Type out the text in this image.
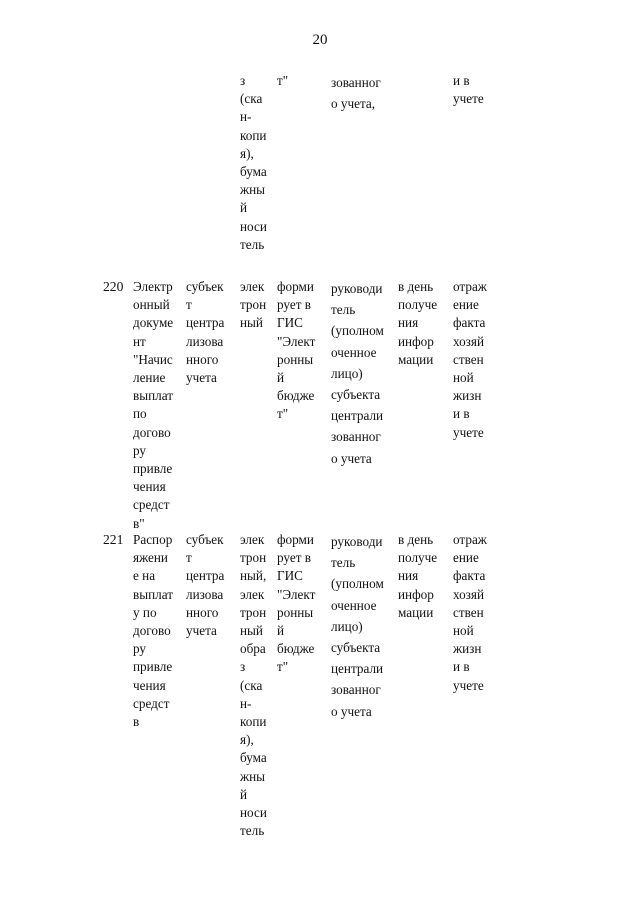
20
з
(ска
н-
копи
я),
бума
жны
й
носи
тель
т"	зованног
о учета,
и в
учете
220 Электр
онный
докуме
нт
"Начис
ление
выплат
по
догово
ру
привле
чения
средст
в"
субъек
т
центра
лизова
нного
учета
элек
трон
ный
форми
рует в
ГИС
"Элект
ронны
й
бюдже
т"
руководи
тель
(уполном
оченное
лицо)
субъекта
централи
зованног
о учета
в день
получе
ния
инфор
мации
отраж
ение
факта
хозяй
ствен
ной
жизн
и в
учете
221 Распор
яжени
е на
выплат
у по
догово
ру
привле
чения
средст
в
субъек
т
центра
лизова
нного
учета
элек
трон
ный,
элек
трон
ный
обра
з
(ска
н-
копи
я),
бума
жны
й
носи
тель
форми
рует в
ГИС
"Элект
ронны
й
бюдже
т"
руководи
тель
(уполном
оченное
лицо)
субъекта
централи
зованног
о учета
в день
получе
ния
инфор
мации
отраж
ение
факта
хозяй
ствен
ной
жизн
и в
учете
